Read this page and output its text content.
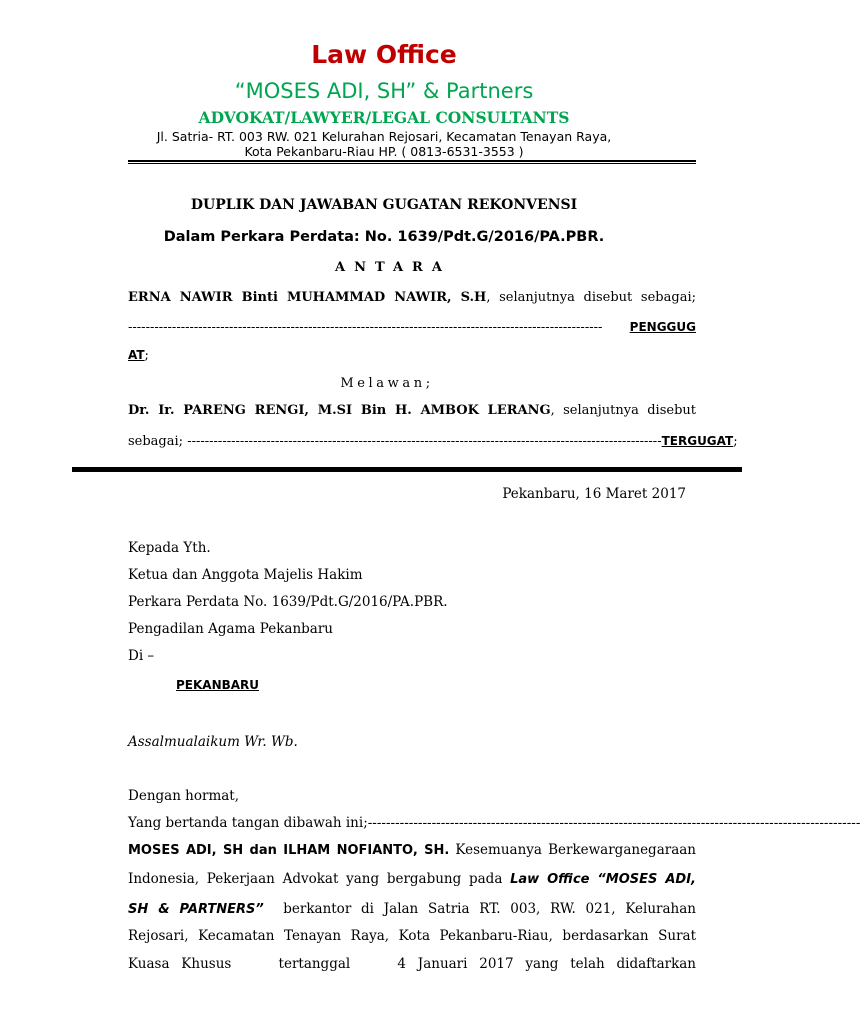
Law Office
“MOSES ADI, SH” & Partners
ADVOKAT/LAWYER/LEGAL CONSULTANTS
Jl. Satria- RT. 003 RW. 021 Kelurahan Rejosari, Kecamatan Tenayan Raya,
Kota Pekanbaru-Riau HP. ( 0813-6531-3553 )
DUPLIK DAN JAWABAN GUGATAN REKONVENSI
Dalam Perkara Perdata: No. 1639/Pdt.G/2016/PA.PBR.
ANTARA
ERNA NAWIR Binti MUHAMMAD NAWIR, S.H, selanjutnya disebut sebagai;
------------------------------------------------------------------------------------------------------------	PENGGUG
AT;
Melawan;
Dr. Ir. PARENG RENGI, M.SI Bin H. AMBOK LERANG, selanjutnya disebut
sebagai; ------------------------------------------------------------------------------------------------------------ TERGUGAT ;
Pekanbaru, 16 Maret 2017
Kepada Yth.
Ketua dan Anggota Majelis Hakim
Perkara Perdata No. 1639/Pdt.G/2016/PA.PBR.
Pengadilan Agama Pekanbaru
Di –
PEKANBARU
Assalmualaikum Wr. Wb.
Dengan hormat,
Yang bertanda tangan dibawah ini; ------------------------------------------------------------------------------------------------------------
MOSES ADI, SH dan ILHAM NOFIANTO, SH. Kesemuanya Berkewarganegaraan
Indonesia, Pekerjaan Advokat yang bergabung pada Law Office “MOSES ADI,
SH & PARTNERS”  berkantor di Jalan Satria RT. 003, RW. 021, Kelurahan
Rejosari, Kecamatan Tenayan Raya, Kota Pekanbaru-Riau, berdasarkan Surat
Kuasa Khusus    tertanggal    4 Januari 2017 yang telah didaftarkan
